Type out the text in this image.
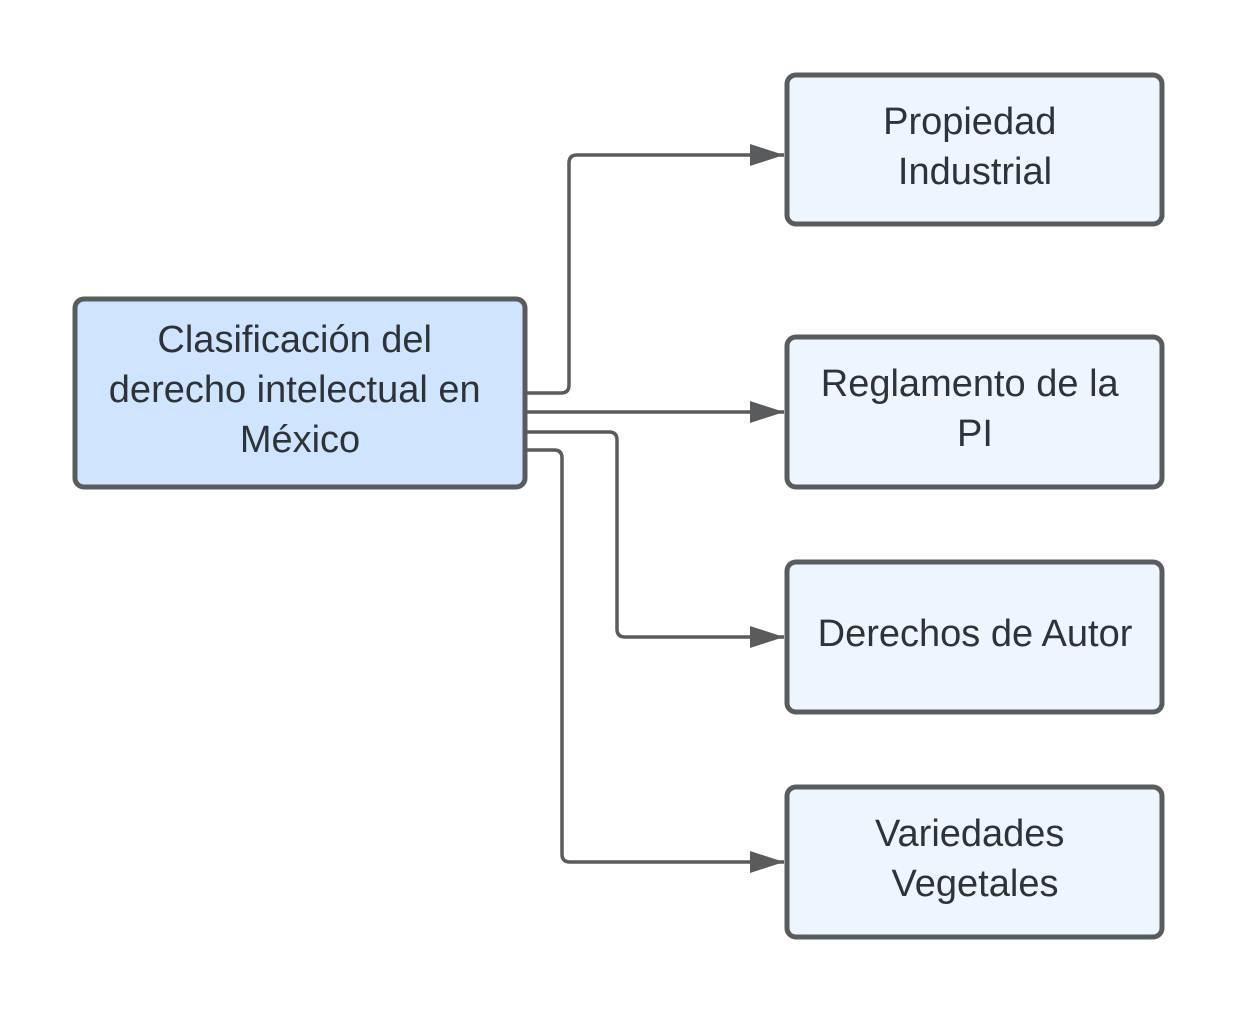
Clasificación del derecho intelectual en México
Propiedad Industrial
Reglamento de la PI
Derechos de Autor
Variedades Vegetales
